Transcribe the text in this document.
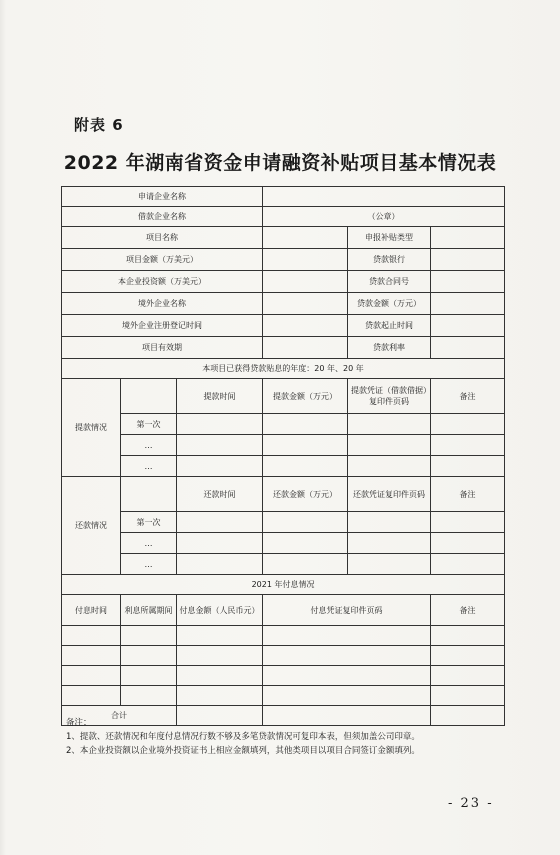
附表 6
2022 年湖南省资金申请融资补贴项目基本情况表
申请企业名称					
借款企业名称			（公章）		
项目名称				申报补贴类型	
项目金额（万美元）				贷款银行	
本企业投资额（万美元）				贷款合同号	
境外企业名称				贷款金额（万元）	
境外企业注册登记时间				贷款起止时间	
项目有效期				贷款利率	
本项目已获得贷款贴息的年度：20 年、20 年					
提款情况		提款时间	提款金额（万元）	提款凭证（借款借据）复印件页码	备注
	第一次				
	…				
	…				
还款情况		还款时间	还款金额（万元）	还款凭证复印件页码	备注
	第一次				
	…				
	…				
2021 年付息情况					
付息时间	利息所属期间	付息金额（人民币元）	付息凭证复印件页码		备注

合计					
备注：
1、提款、还款情况和年度付息情况行数不够及多笔贷款情况可复印本表，但须加盖公司印章。
2、本企业投资额以企业境外投资证书上相应金额填列，其他类项目以项目合同签订金额填列。
- 23 -
